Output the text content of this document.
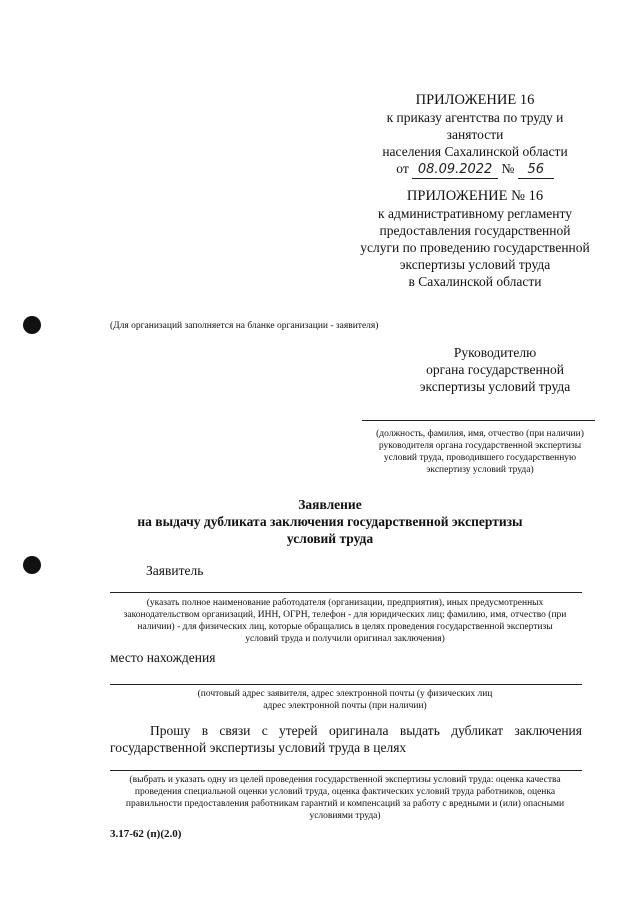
ПРИЛОЖЕНИЕ 16
к приказу агентства по труду и
занятости
населения Сахалинской области
от 08.09.2022 № 56
ПРИЛОЖЕНИЕ № 16
к административному регламенту
предоставления государственной
услуги по проведению государственной
экспертизы условий труда
в Сахалинской области
(Для организаций заполняется на бланке организации - заявителя)
Руководителю
органа государственной
экспертизы условий труда
(должность, фамилия, имя, отчество (при наличии)
руководителя органа государственной экспертизы
условий труда, проводившего государственную
экспертизу условий труда)
Заявление
на выдачу дубликата заключения государственной экспертизы
условий труда
Заявитель
(указать полное наименование работодателя (организации, предприятия), иных предусмотренных
законодательством организаций, ИНН, ОГРН, телефон - для юридических лиц; фамилию, имя, отчество (при
наличии) - для физических лиц, которые обращались в целях проведения государственной экспертизы
условий труда и получили оригинал заключения)
место нахождения
(почтовый адрес заявителя, адрес электронной почты (у физических лиц
адрес электронной почты (при наличии)
Прошу в связи с утерей оригинала выдать дубликат заключения
государственной экспертизы условий труда в целях
(выбрать и указать одну из целей проведения государственной экспертизы условий труда: оценка качества
проведения специальной оценки условий труда, оценка фактических условий труда работников, оценка
правильности предоставления работникам гарантий и компенсаций за работу с вредными и (или) опасными
условиями труда)
3.17-62 (п)(2.0)
